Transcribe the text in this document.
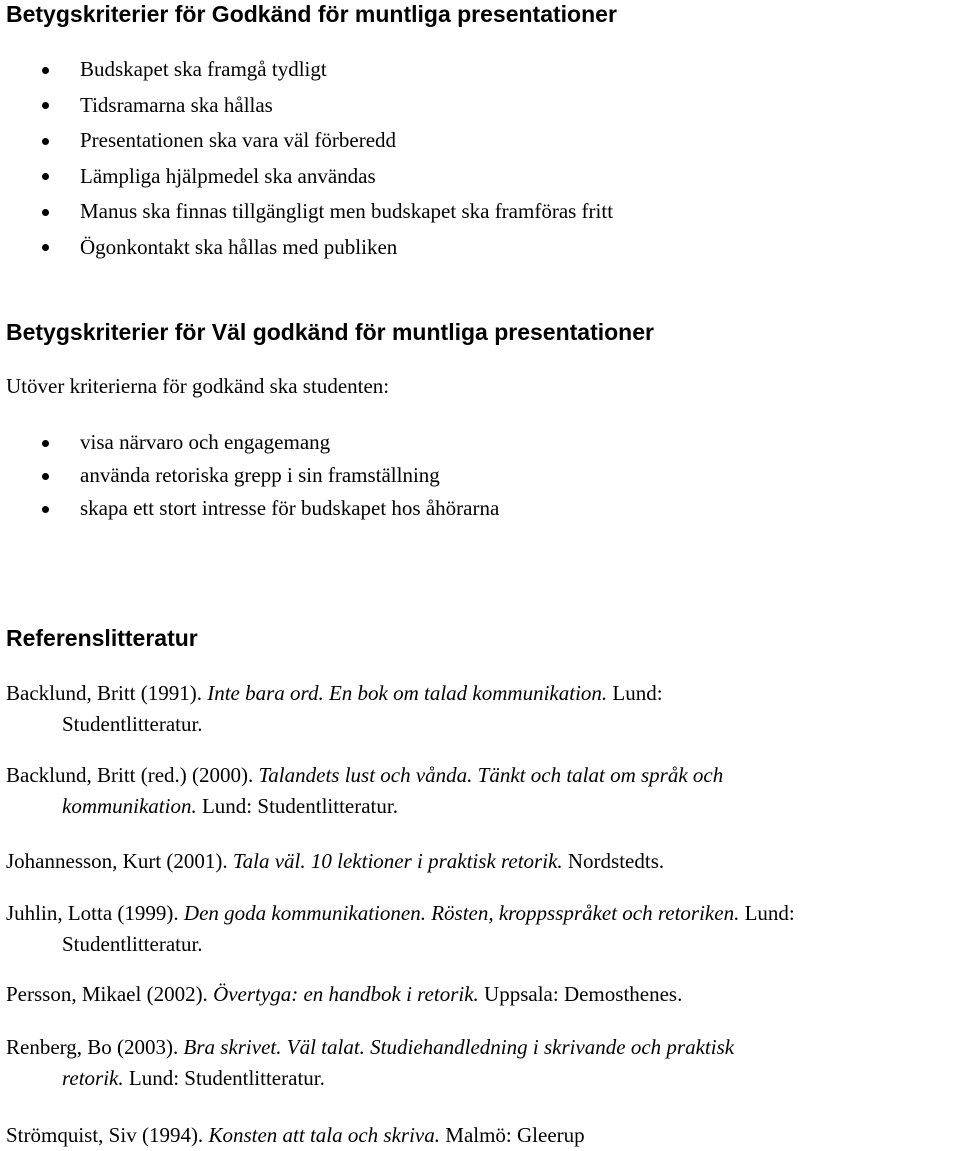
Betygskriterier för Godkänd för muntliga presentationer
Budskapet ska framgå tydligt
Tidsramarna ska hållas
Presentationen ska vara väl förberedd
Lämpliga hjälpmedel ska användas
Manus ska finnas tillgängligt men budskapet ska framföras fritt
Ögonkontakt ska hållas med publiken
Betygskriterier för Väl godkänd för muntliga presentationer

Utöver kriterierna för godkänd ska studenten:

visa närvaro och engagemang
använda retoriska grepp i sin framställning
skapa ett stort intresse för budskapet hos åhörarna
Referenslitteratur

Backlund, Britt (1991). Inte bara ord. En bok om talad kommunikation. Lund:
Studentlitteratur.

Backlund, Britt (red.) (2000). Talandets lust och vånda. Tänkt och talat om språk och
kommunikation. Lund: Studentlitteratur.

Johannesson, Kurt (2001). Tala väl. 10 lektioner i praktisk retorik. Nordstedts.

Juhlin, Lotta (1999). Den goda kommunikationen. Rösten, kroppsspråket och retoriken. Lund:
Studentlitteratur.

Persson, Mikael (2002). Övertyga: en handbok i retorik. Uppsala: Demosthenes.

Renberg, Bo (2003). Bra skrivet. Väl talat. Studiehandledning i skrivande och praktisk
retorik. Lund: Studentlitteratur.

Strömquist, Siv (1994). Konsten att tala och skriva. Malmö: Gleerup
